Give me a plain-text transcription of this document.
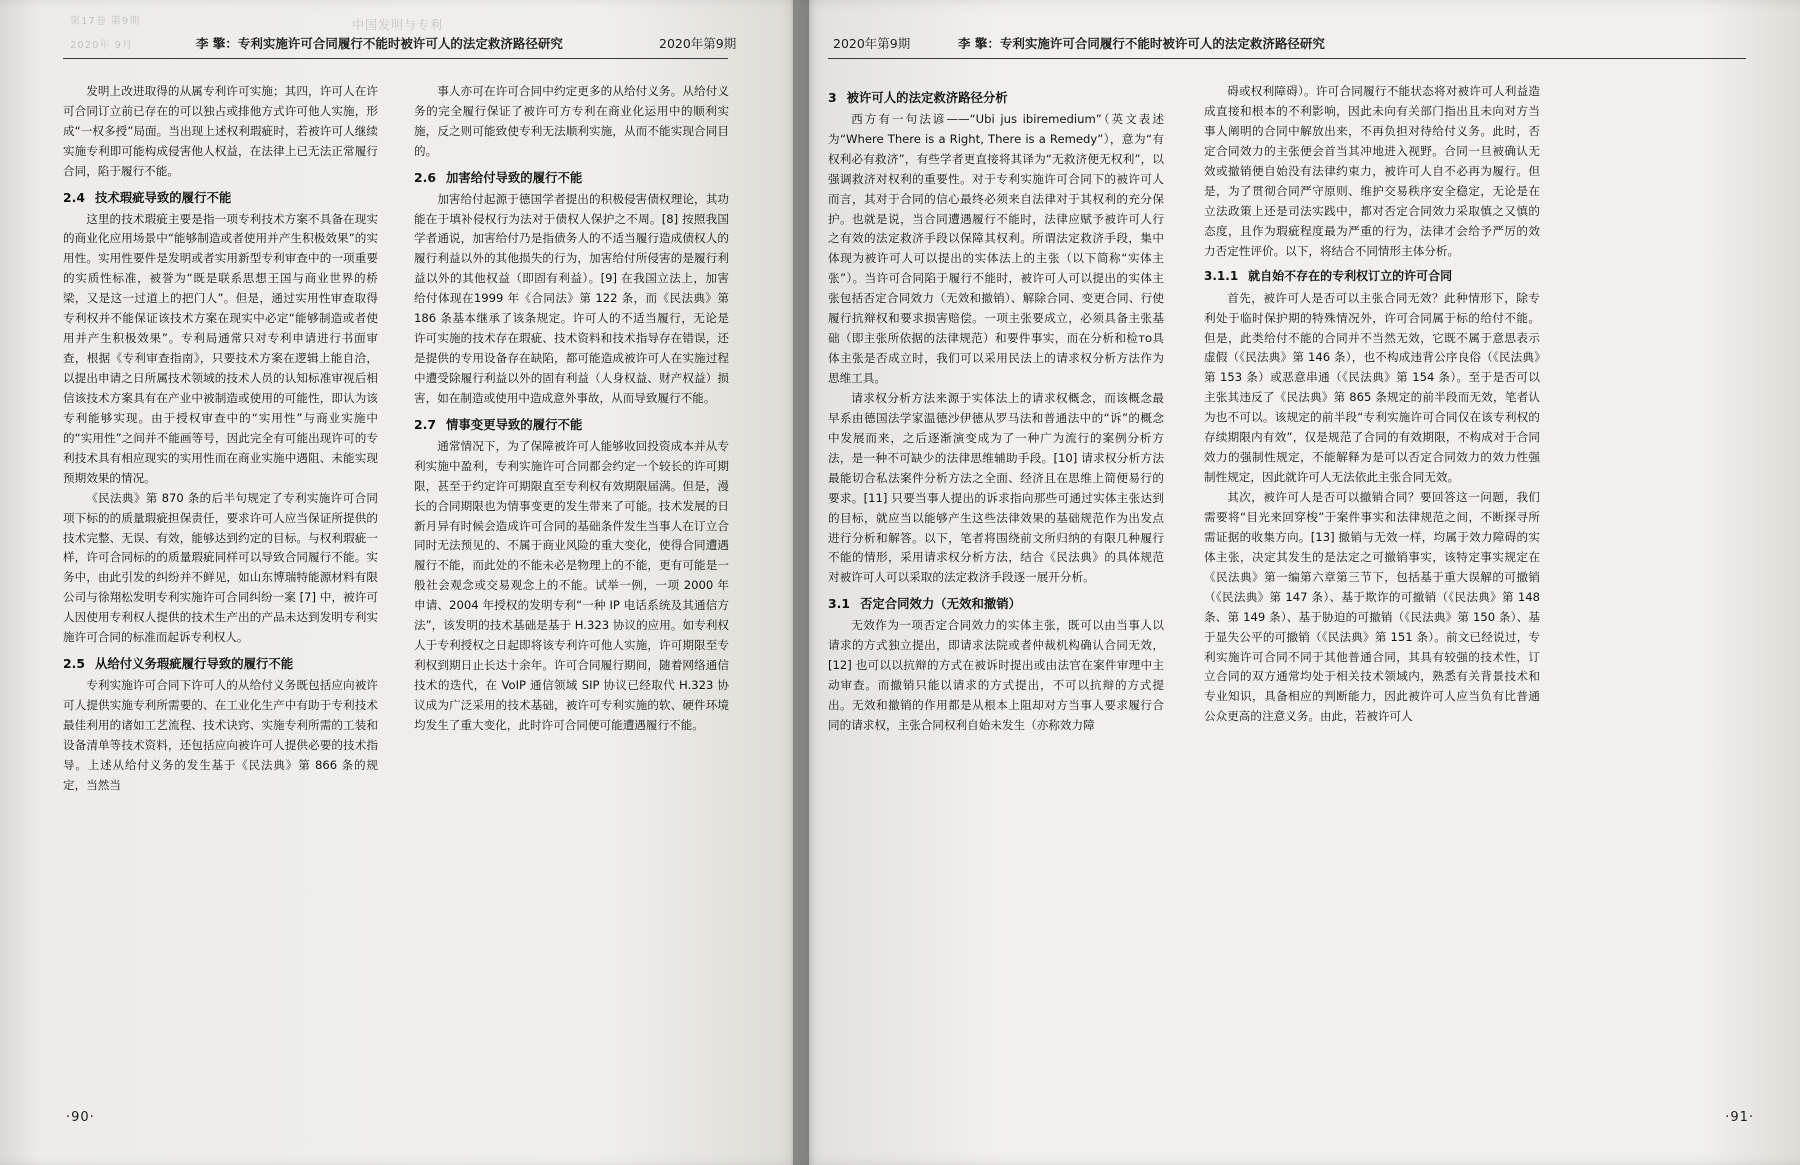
第17卷 第9期
2020年 9月
中国发明与专利
李 擎：专利实施许可合同履行不能时被许可人的法定救济路径研究	2020年第9期

发明上改进取得的从属专利许可实施；其四，许可人在许可合同订立前已存在的可以独占或排他方式许可他人实施，形成“一权多授”局面。当出现上述权利瑕疵时，若被许可人继续实施专利即可能构成侵害他人权益，在法律上已无法正常履行合同，陷于履行不能。

2.4 技术瑕疵导致的履行不能

这里的技术瑕疵主要是指一项专利技术方案不具备在现实的商业化应用场景中“能够制造或者使用并产生积极效果”的实用性。实用性要件是发明或者实用新型专利审查中的一项重要的实质性标准，被誉为“既是联系思想王国与商业世界的桥梁，又是这一过道上的把门人”。但是，通过实用性审查取得专利权并不能保证该技术方案在现实中必定“能够制造或者使用并产生积极效果”。专利局通常只对专利申请进行书面审查，根据《专利审查指南》，只要技术方案在逻辑上能自洽，以提出申请之日所属技术领域的技术人员的认知标准审视后相信该技术方案具有在产业中被制造或使用的可能性，即认为该专利能够实现。由于授权审查中的“实用性”与商业实施中的“实用性”之间并不能画等号，因此完全有可能出现许可的专利技术具有相应现实的实用性而在商业实施中遇阻、未能实现预期效果的情况。

《民法典》第 870 条的后半句规定了专利实施许可合同项下标的的质量瑕疵担保责任，要求许可人应当保证所提供的技术完整、无误、有效，能够达到约定的目标。与权利瑕疵一样，许可合同标的的质量瑕疵同样可以导致合同履行不能。实务中，由此引发的纠纷并不鲜见，如山东博瑞特能源材料有限公司与徐翔松发明专利实施许可合同纠纷一案 [7] 中，被许可人因使用专利权人提供的技术生产出的产品未达到发明专利实施许可合同的标准而起诉专利权人。

2.5 从给付义务瑕疵履行导致的履行不能

专利实施许可合同下许可人的从给付义务既包括应向被许可人提供实施专利所需要的、在工业化生产中有助于专利技术最佳利用的诸如工艺流程、技术诀窍、实施专利所需的工装和设备清单等技术资料，还包括应向被许可人提供必要的技术指导。上述从给付义务的发生基于《民法典》第 866 条的规定，当然当

事人亦可在许可合同中约定更多的从给付义务。从给付义务的完全履行保证了被许可方专利在商业化运用中的顺利实施，反之则可能致使专利无法顺利实施，从而不能实现合同目的。

2.6 加害给付导致的履行不能

加害给付起源于德国学者提出的积极侵害债权理论，其功能在于填补侵权行为法对于债权人保护之不周。[8] 按照我国学者通说，加害给付乃是指债务人的不适当履行造成债权人的履行利益以外的其他损失的行为，加害给付所侵害的是履行利益以外的其他权益（即固有利益）。[9] 在我国立法上，加害给付体现在1999 年《合同法》第 122 条，而《民法典》第 186 条基本继承了该条规定。许可人的不适当履行，无论是许可实施的技术存在瑕疵、技术资料和技术指导存在错误，还是提供的专用设备存在缺陷，都可能造成被许可人在实施过程中遭受除履行利益以外的固有利益（人身权益、财产权益）损害，如在制造或使用中造成意外事故，从而导致履行不能。

2.7 情事变更导致的履行不能

通常情况下，为了保障被许可人能够收回投资成本并从专利实施中盈利，专利实施许可合同都会约定一个较长的许可期限，甚至于约定许可期限直至专利权有效期限届满。但是，漫长的合同期限也为情事变更的发生带来了可能。技术发展的日新月异有时候会造成许可合同的基础条件发生当事人在订立合同时无法预见的、不属于商业风险的重大变化，使得合同遭遇履行不能，而此处的不能未必是物理上的不能，更有可能是一般社会观念或交易观念上的不能。试举一例，一项 2000 年申请、2004 年授权的发明专利“一种 IP 电话系统及其通信方法”，该发明的技术基础是基于 H.323 协议的应用。如专利权人于专利授权之日起即将该专利许可他人实施，许可期限至专利权到期日止长达十余年。许可合同履行期间，随着网络通信技术的迭代，在 VoIP 通信领域 SIP 协议已经取代 H.323 协议成为广泛采用的技术基础，被许可专利实施的软、硬件环境均发生了重大变化，此时许可合同便可能遭遇履行不能。

·90·
2020年第9期	李 擎：专利实施许可合同履行不能时被许可人的法定救济路径研究
3 被许可人的法定救济路径分析

西方有一句法谚——“Ubi jus ibiremedium”（英文表述为“Where There is a Right, There is a Remedy”），意为“有权利必有救济”，有些学者更直接将其译为“无救济便无权利”，以强调救济对权利的重要性。对于专利实施许可合同下的被许可人而言，其对于合同的信心最终必须来自法律对于其权利的充分保护。也就是说，当合同遭遇履行不能时，法律应赋予被许可人行之有效的法定救济手段以保障其权利。所谓法定救济手段，集中体现为被许可人可以提出的实体法上的主张（以下简称“实体主张”）。当许可合同陷于履行不能时，被许可人可以提出的实体主张包括否定合同效力（无效和撤销）、解除合同、变更合同、行使履行抗辩权和要求损害赔偿。一项主张要成立，必须具备主张基础（即主张所依据的法律规范）和要件事实，而在分析和检то具体主张是否成立时，我们可以采用民法上的请求权分析方法作为思维工具。

请求权分析方法来源于实体法上的请求权概念，而该概念最早系由德国法学家温德沙伊德从罗马法和普通法中的“诉”的概念中发展而来，之后逐渐演变成为了一种广为流行的案例分析方法，是一种不可缺少的法律思维辅助手段。[10] 请求权分析方法最能切合私法案件分析方法之全面、经济且在思维上简便易行的要求。[11] 只要当事人提出的诉求指向那些可通过实体主张达到的目标，就应当以能够产生这些法律效果的基础规范作为出发点进行分析和解答。以下，笔者将围绕前文所归纳的有限几种履行不能的情形，采用请求权分析方法，结合《民法典》的具体规范对被许可人可以采取的法定救济手段逐一展开分析。

3.1 否定合同效力（无效和撤销）

无效作为一项否定合同效力的实体主张，既可以由当事人以请求的方式独立提出，即请求法院或者仲裁机构确认合同无效，[12] 也可以以抗辩的方式在被诉时提出或由法官在案件审理中主动审查。而撤销只能以请求的方式提出，不可以抗辩的方式提出。无效和撤销的作用都是从根本上阻却对方当事人要求履行合同的请求权，主张合同权利自始未发生（亦称效力障

碍或权利障碍）。许可合同履行不能状态将对被许可人利益造成直接和根本的不利影响，因此未向有关部门指出且未向对方当事人阐明的合同中解放出来，不再负担对待给付义务。此时，否定合同效力的主张便会首当其冲地进入视野。合同一旦被确认无效或撤销便自始没有法律约束力，被许可人自不必再为履行。但是，为了贯彻合同严守原则、维护交易秩序安全稳定，无论是在立法政策上还是司法实践中，都对否定合同效力采取慎之又慎的态度，且作为瑕疵程度最为严重的行为，法律才会给予严厉的效力否定性评价。以下，将结合不同情形主体分析。

3.1.1 就自始不存在的专利权订立的许可合同

首先，被许可人是否可以主张合同无效？此种情形下，除专利处于临时保护期的特殊情况外，许可合同属于标的给付不能。但是，此类给付不能的合同并不当然无效，它既不属于意思表示虚假（《民法典》第 146 条），也不构成违背公序良俗（《民法典》第 153 条）或恶意串通（《民法典》第 154 条）。至于是否可以主张其违反了《民法典》第 865 条规定的前半段而无效，笔者认为也不可以。该规定的前半段“专利实施许可合同仅在该专利权的存续期限内有效”，仅是规范了合同的有效期限，不构成对于合同效力的强制性规定，不能解释为是可以否定合同效力的效力性强制性规定，因此就许可人无法依此主张合同无效。

其次，被许可人是否可以撤销合同？要回答这一问题，我们需要将“目光来回穿梭”于案件事实和法律规范之间，不断探寻所需证据的收集方向。[13] 撤销与无效一样，均属于效力障碍的实体主张，决定其发生的是法定之可撤销事实，该特定事实规定在《民法典》第一编第六章第三节下，包括基于重大误解的可撤销（《民法典》第 147 条）、基于欺诈的可撤销（《民法典》第 148 条、第 149 条）、基于胁迫的可撤销（《民法典》第 150 条）、基于显失公平的可撤销（《民法典》第 151 条）。前文已经说过，专利实施许可合同不同于其他普通合同，其具有较强的技术性，订立合同的双方通常均处于相关技术领域内，熟悉有关背景技术和专业知识，具备相应的判断能力，因此被许可人应当负有比普通公众更高的注意义务。由此，若被许可人

·91·
